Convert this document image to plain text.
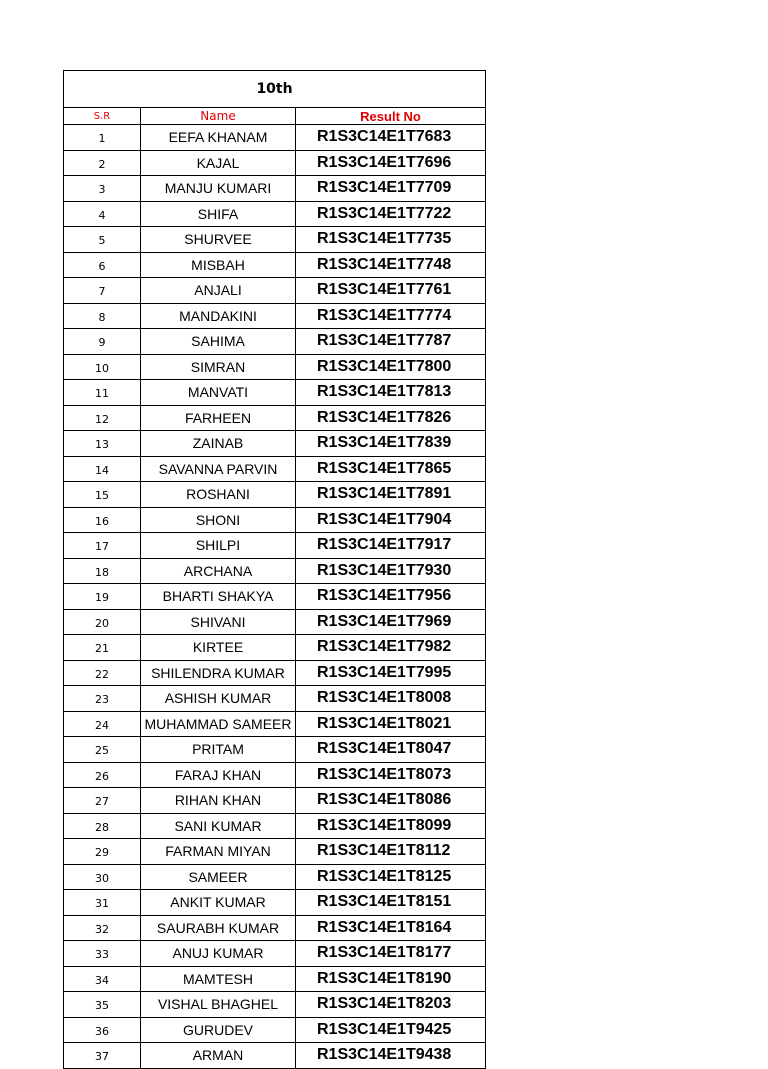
10th		
S.R	Name	Result No
1	EEFA KHANAM	R1S3C14E1T7683
2	KAJAL	R1S3C14E1T7696
3	MANJU KUMARI	R1S3C14E1T7709
4	SHIFA	R1S3C14E1T7722
5	SHURVEE	R1S3C14E1T7735
6	MISBAH	R1S3C14E1T7748
7	ANJALI	R1S3C14E1T7761
8	MANDAKINI	R1S3C14E1T7774
9	SAHIMA	R1S3C14E1T7787
10	SIMRAN	R1S3C14E1T7800
11	MANVATI	R1S3C14E1T7813
12	FARHEEN	R1S3C14E1T7826
13	ZAINAB	R1S3C14E1T7839
14	SAVANNA PARVIN	R1S3C14E1T7865
15	ROSHANI	R1S3C14E1T7891
16	SHONI	R1S3C14E1T7904
17	SHILPI	R1S3C14E1T7917
18	ARCHANA	R1S3C14E1T7930
19	BHARTI SHAKYA	R1S3C14E1T7956
20	SHIVANI	R1S3C14E1T7969
21	KIRTEE	R1S3C14E1T7982
22	SHILENDRA KUMAR	R1S3C14E1T7995
23	ASHISH KUMAR	R1S3C14E1T8008
24	MUHAMMAD SAMEER	R1S3C14E1T8021
25	PRITAM	R1S3C14E1T8047
26	FARAJ KHAN	R1S3C14E1T8073
27	RIHAN KHAN	R1S3C14E1T8086
28	SANI KUMAR	R1S3C14E1T8099
29	FARMAN MIYAN	R1S3C14E1T8112
30	SAMEER	R1S3C14E1T8125
31	ANKIT KUMAR	R1S3C14E1T8151
32	SAURABH KUMAR	R1S3C14E1T8164
33	ANUJ KUMAR	R1S3C14E1T8177
34	MAMTESH	R1S3C14E1T8190
35	VISHAL BHAGHEL	R1S3C14E1T8203
36	GURUDEV	R1S3C14E1T9425
37	ARMAN	R1S3C14E1T9438
